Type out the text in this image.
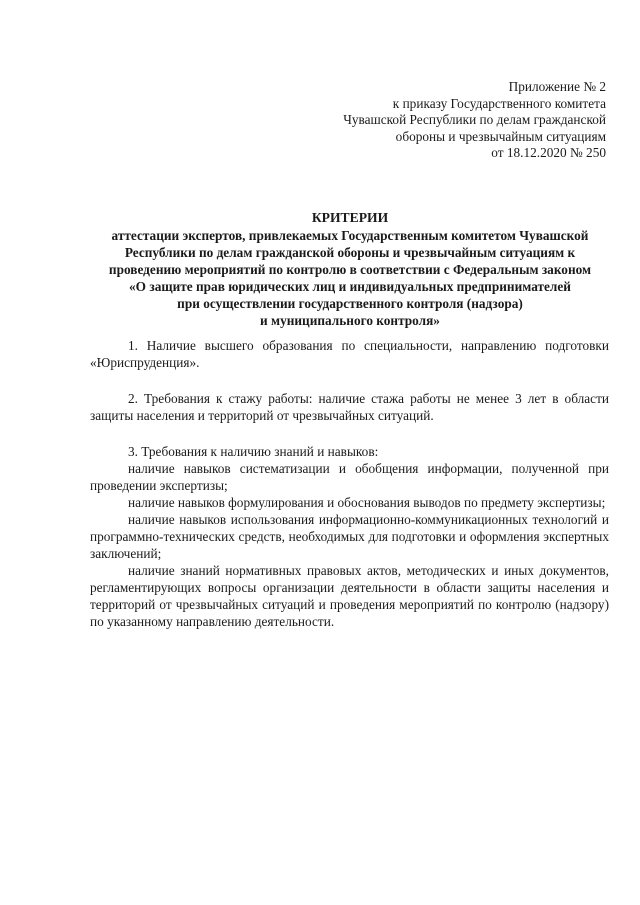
Приложение № 2
к приказу Государственного комитета
Чувашской Республики по делам гражданской
обороны и чрезвычайным ситуациям
от 18.12.2020 № 250
КРИТЕРИИ
аттестации экспертов, привлекаемых Государственным комитетом Чувашской
Республики по делам гражданской обороны и чрезвычайным ситуациям к
проведению мероприятий по контролю в соответствии с Федеральным законом
«О защите прав юридических лиц и индивидуальных предпринимателей
при осуществлении государственного контроля (надзора)
и муниципального контроля»

1. Наличие высшего образования по специальности, направлению подготовки «Юриспруденция».

2. Требования к стажу работы: наличие стажа работы не менее 3 лет в области защиты населения и территорий от чрезвычайных ситуаций.

3. Требования к наличию знаний и навыков:

наличие навыков систематизации и обобщения информации, полученной при проведении экспертизы;

наличие навыков формулирования и обоснования выводов по предмету экспертизы;

наличие навыков использования информационно-коммуникационных технологий и программно-технических средств, необходимых для подготовки и оформления экспертных заключений;

наличие знаний нормативных правовых актов, методических и иных документов, регламентирующих вопросы организации деятельности в области защиты населения и территорий от чрезвычайных ситуаций и проведения мероприятий по контролю (надзору) по указанному направлению деятельности.
